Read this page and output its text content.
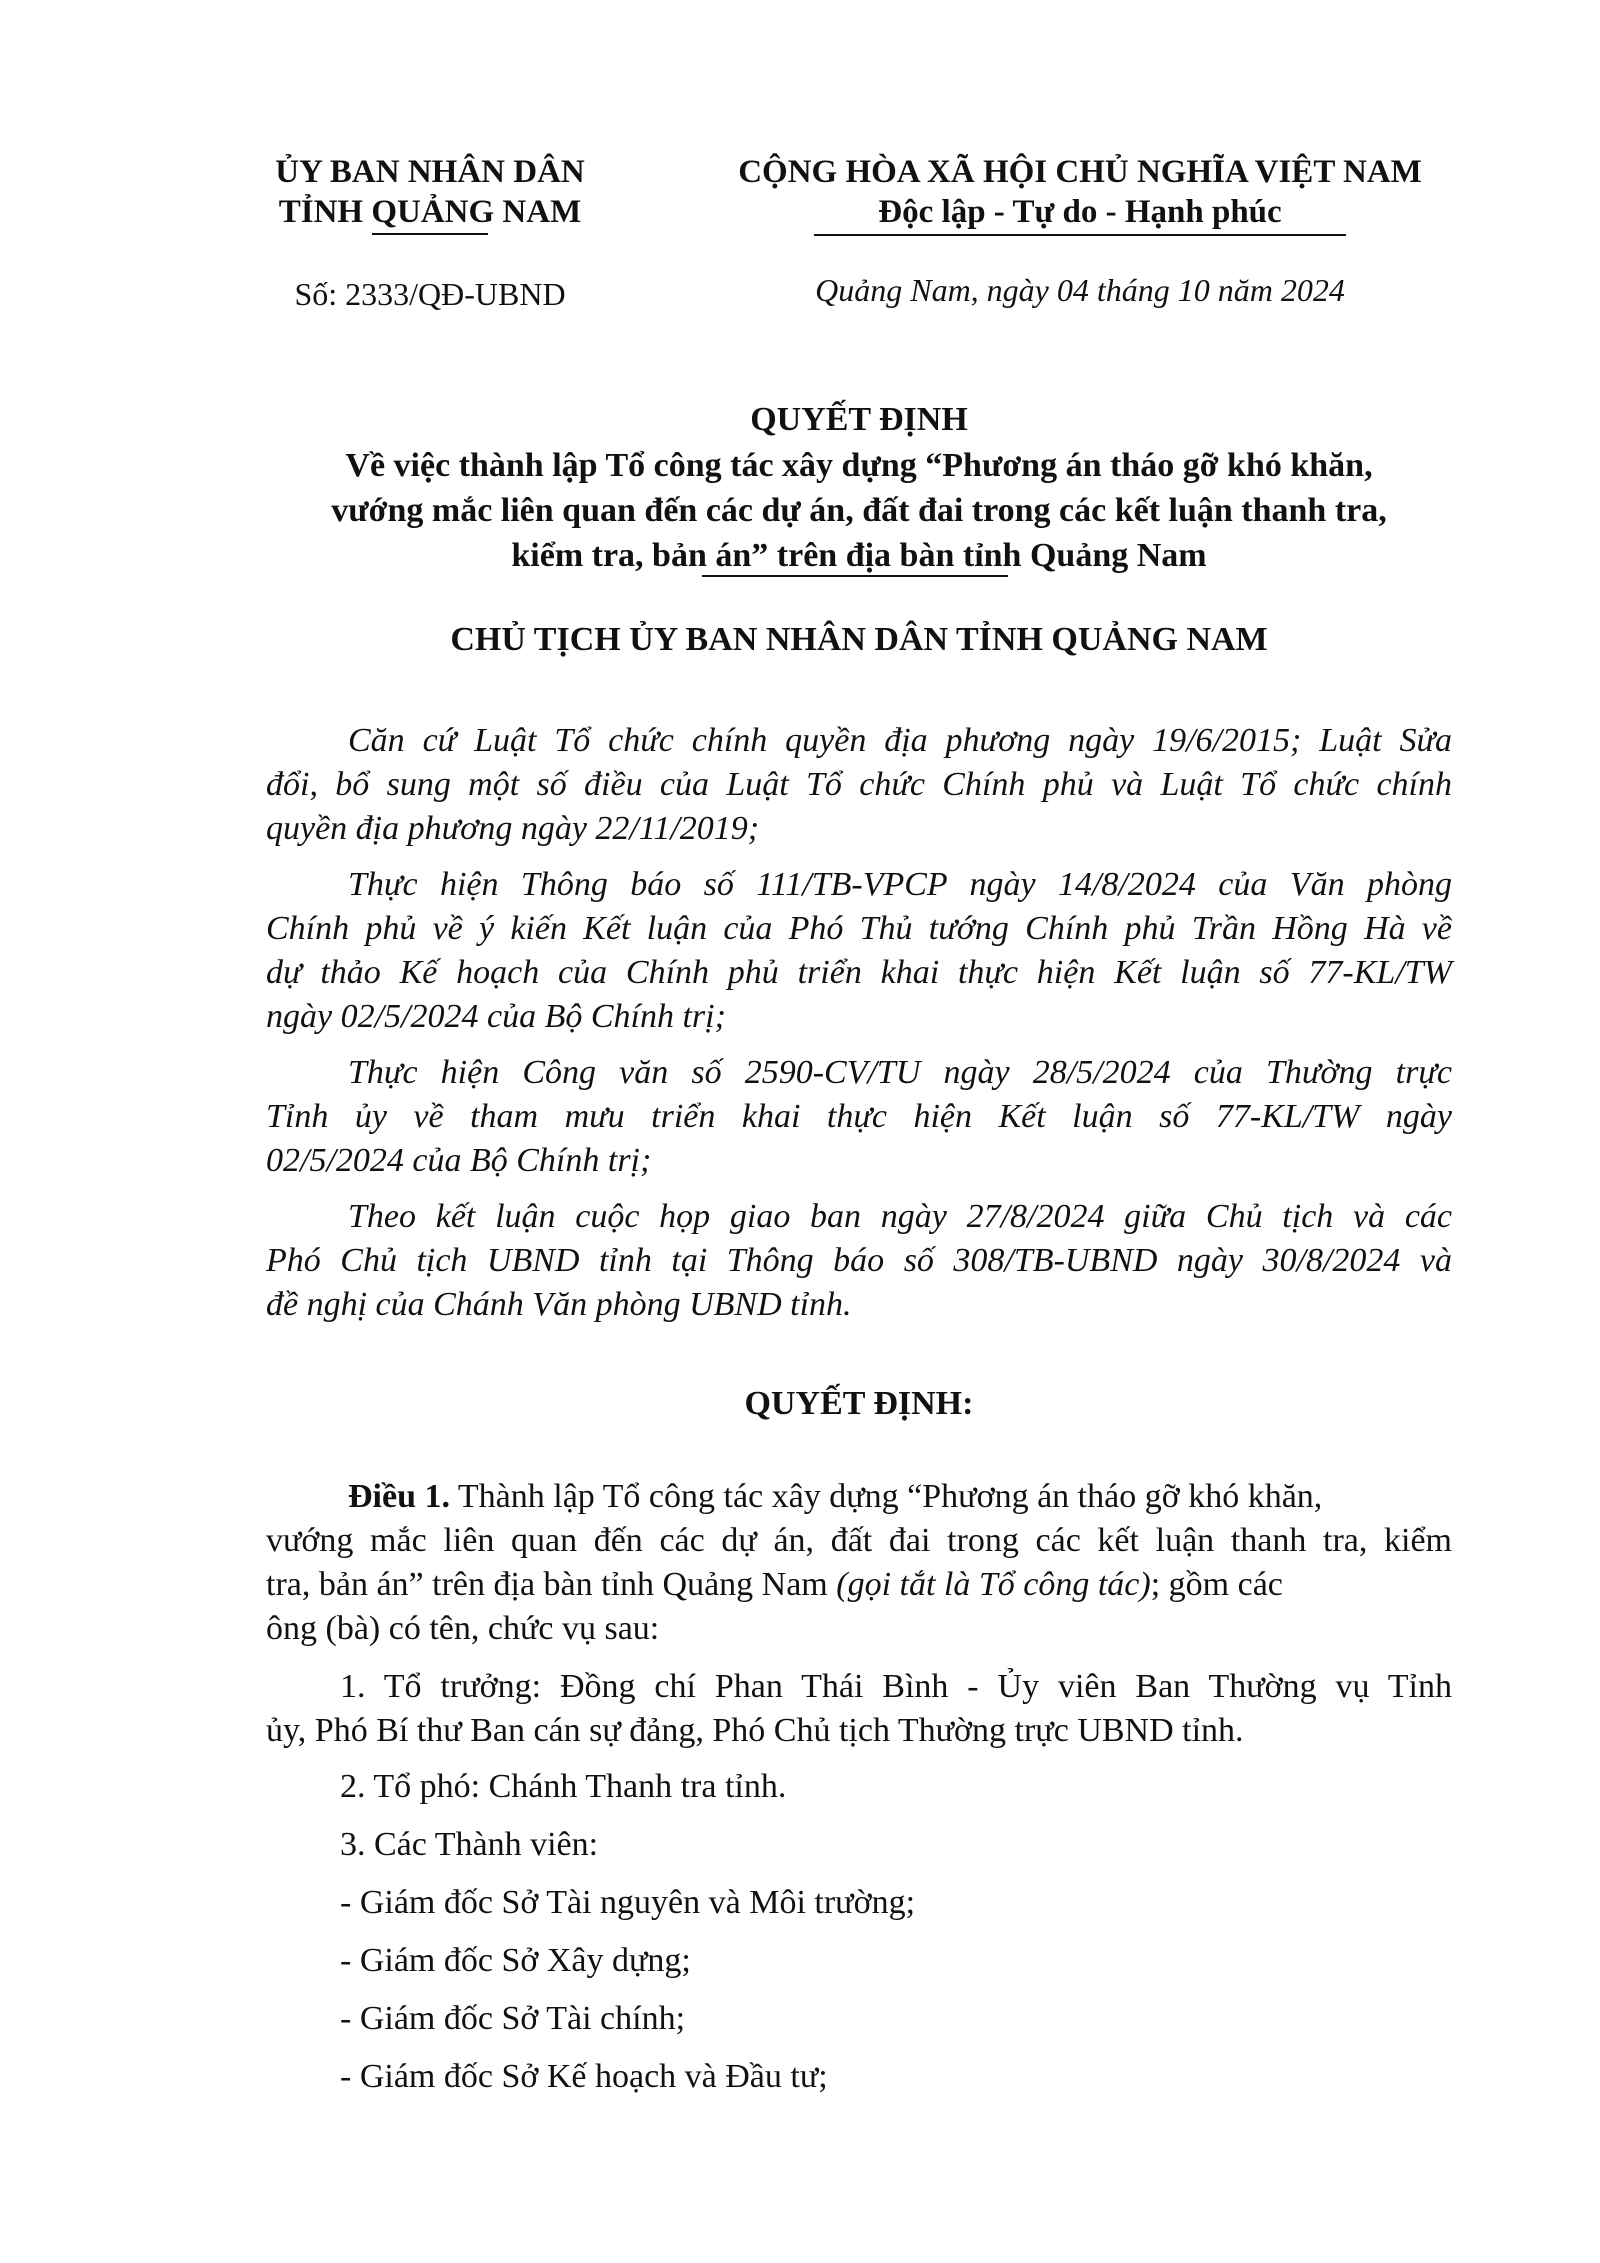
ỦY BAN NHÂN DÂN
TỈNH QUẢNG NAM
Số: 2333/QĐ-UBND
CỘNG HÒA XÃ HỘI CHỦ NGHĨA VIỆT NAM
Độc lập - Tự do - Hạnh phúc
Quảng Nam, ngày 04 tháng 10 năm 2024
QUYẾT ĐỊNH
Về việc thành lập Tổ công tác xây dựng “Phương án tháo gỡ khó khăn,
vướng mắc liên quan đến các dự án, đất đai trong các kết luận thanh tra,
kiểm tra, bản án” trên địa bàn tỉnh Quảng Nam
CHỦ TỊCH ỦY BAN NHÂN DÂN TỈNH QUẢNG NAM
Căn cứ Luật Tổ chức chính quyền địa phương ngày 19/6/2015; Luật Sửa
đổi, bổ sung một số điều của Luật Tổ chức Chính phủ và Luật Tổ chức chính
quyền địa phương ngày 22/11/2019;
Thực hiện Thông báo số 111/TB-VPCP ngày 14/8/2024 của Văn phòng
Chính phủ về ý kiến Kết luận của Phó Thủ tướng Chính phủ Trần Hồng Hà về
dự thảo Kế hoạch của Chính phủ triển khai thực hiện Kết luận số 77-KL/TW
ngày 02/5/2024 của Bộ Chính trị;
Thực hiện Công văn số 2590-CV/TU ngày 28/5/2024 của Thường trực
Tỉnh ủy về tham mưu triển khai thực hiện Kết luận số 77-KL/TW ngày
02/5/2024 của Bộ Chính trị;
Theo kết luận cuộc họp giao ban ngày 27/8/2024 giữa Chủ tịch và các
Phó Chủ tịch UBND tỉnh tại Thông báo số 308/TB-UBND ngày 30/8/2024 và
đề nghị của Chánh Văn phòng UBND tỉnh.
QUYẾT ĐỊNH:
Điều 1. Thành lập Tổ công tác xây dựng “Phương án tháo gỡ khó khăn,
vướng mắc liên quan đến các dự án, đất đai trong các kết luận thanh tra, kiểm
tra, bản án” trên địa bàn tỉnh Quảng Nam (gọi tắt là Tổ công tác); gồm các
ông (bà) có tên, chức vụ sau:
1. Tổ trưởng: Đồng chí Phan Thái Bình - Ủy viên Ban Thường vụ Tỉnh
ủy, Phó Bí thư Ban cán sự đảng, Phó Chủ tịch Thường trực UBND tỉnh.
2. Tổ phó: Chánh Thanh tra tỉnh.
3. Các Thành viên:
- Giám đốc Sở Tài nguyên và Môi trường;
- Giám đốc Sở Xây dựng;
- Giám đốc Sở Tài chính;
- Giám đốc Sở Kế hoạch và Đầu tư;
